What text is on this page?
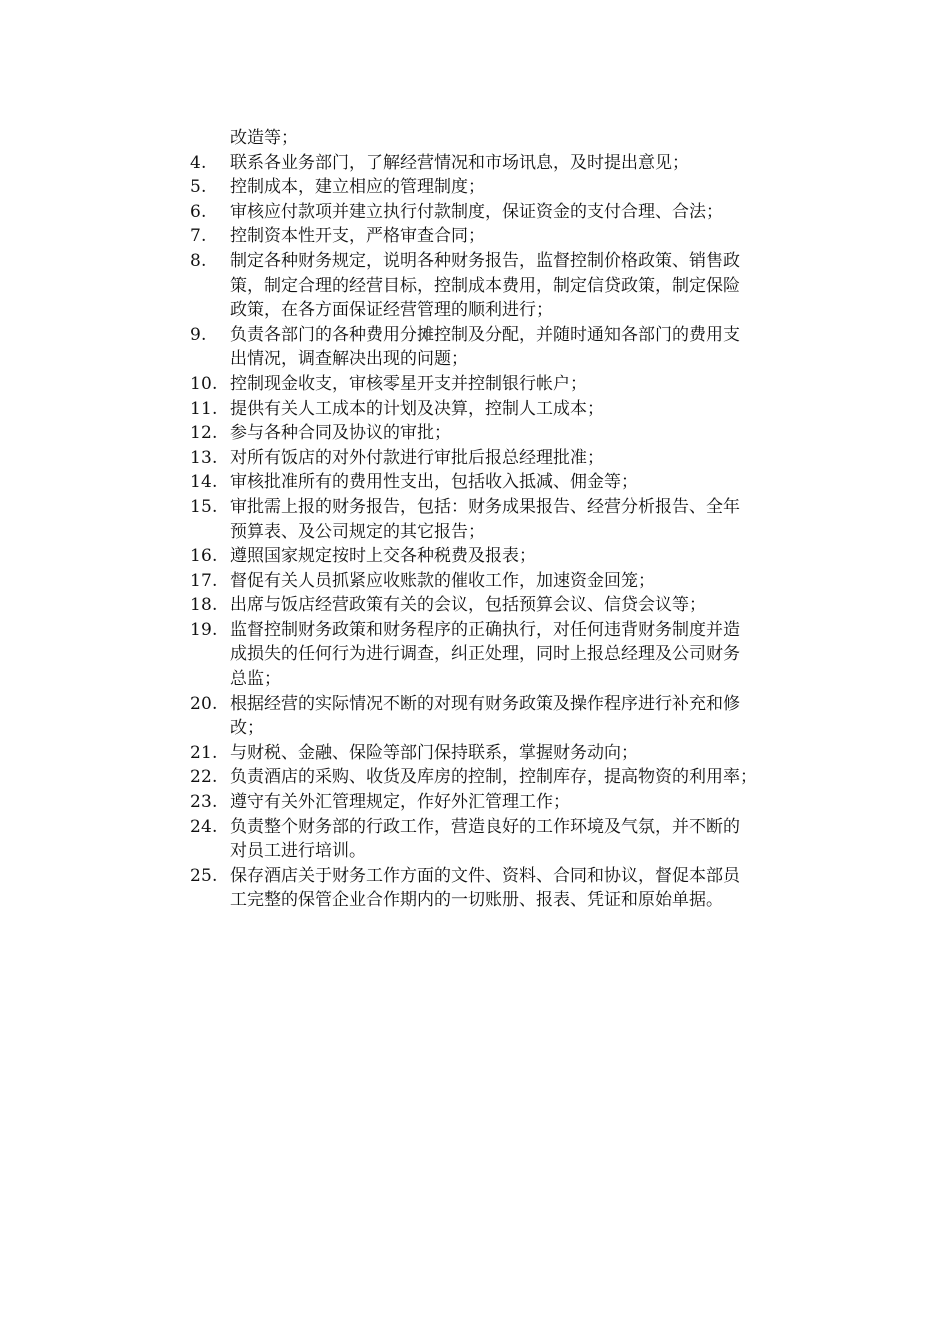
改造等；
4.	联系各业务部门，了解经营情况和市场讯息，及时提出意见；
5.	控制成本，建立相应的管理制度；
6.	审核应付款项并建立执行付款制度，保证资金的支付合理、合法；
7.	控制资本性开支，严格审查合同；
8.	制定各种财务规定，说明各种财务报告，监督控制价格政策、销售政
策，制定合理的经营目标，控制成本费用，制定信贷政策，制定保险
政策，在各方面保证经营管理的顺利进行；
9.	负责各部门的各种费用分摊控制及分配，并随时通知各部门的费用支
出情况，调查解决出现的问题；
10. 控制现金收支，审核零星开支并控制银行帐户；
11. 提供有关人工成本的计划及决算，控制人工成本；
12. 参与各种合同及协议的审批；
13. 对所有饭店的对外付款进行审批后报总经理批准；
14. 审核批准所有的费用性支出，包括收入抵减、佣金等；
15. 审批需上报的财务报告，包括：财务成果报告、经营分析报告、全年
预算表、及公司规定的其它报告；
16. 遵照国家规定按时上交各种税费及报表；
17. 督促有关人员抓紧应收账款的催收工作，加速资金回笼；
18. 出席与饭店经营政策有关的会议，包括预算会议、信贷会议等；
19. 监督控制财务政策和财务程序的正确执行，对任何违背财务制度并造
成损失的任何行为进行调查，纠正处理，同时上报总经理及公司财务
总监；
20. 根据经营的实际情况不断的对现有财务政策及操作程序进行补充和修
改；
21. 与财税、金融、保险等部门保持联系，掌握财务动向；
22. 负责酒店的采购、收货及库房的控制，控制库存，提高物资的利用率；
23. 遵守有关外汇管理规定，作好外汇管理工作；
24. 负责整个财务部的行政工作，营造良好的工作环境及气氛，并不断的
对员工进行培训。
25. 保存酒店关于财务工作方面的文件、资料、合同和协议，督促本部员
工完整的保管企业合作期内的一切账册、报表、凭证和原始单据。
